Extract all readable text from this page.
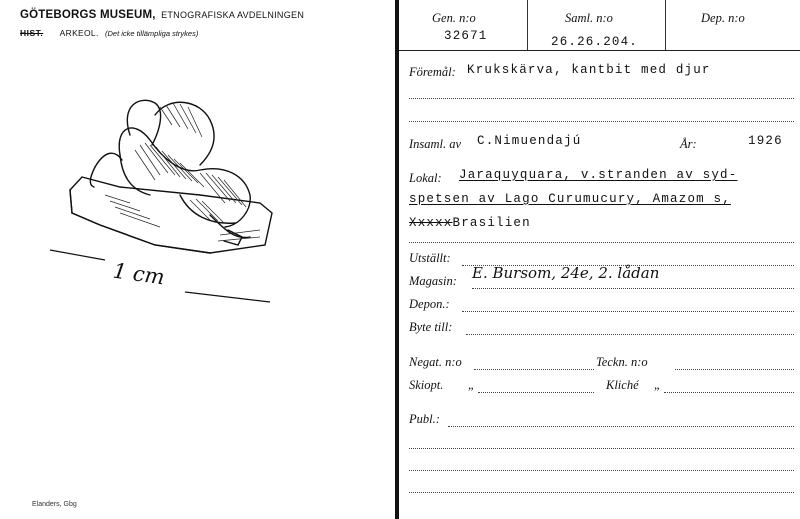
GÖTEBORGS MUSEUM, ETNOGRAFISKA AVDELNINGEN
HIST. ARKEOL. (Det icke tillämpliga strykes)
1 cm
Elanders, Gbg
Gen. n:o
32671
Saml. n:o
26.26.204.
Dep. n:o
Föremål: Krukskärva, kantbit med djur
Insaml. av C.Nimuendajú	År:	1926
Lokal: Jaraquyquara, v.stranden av syd-
spetsen av Lago Curumucury, Amazom s,
XxxxxBrasilien
Utställt:
Magasin: E. Bursom, 24e, 2. lådan
Depon.:
Byte till:
Negat. n:o	Teckn. n:o
Skiopt. „	Kliché „
Publ.:
